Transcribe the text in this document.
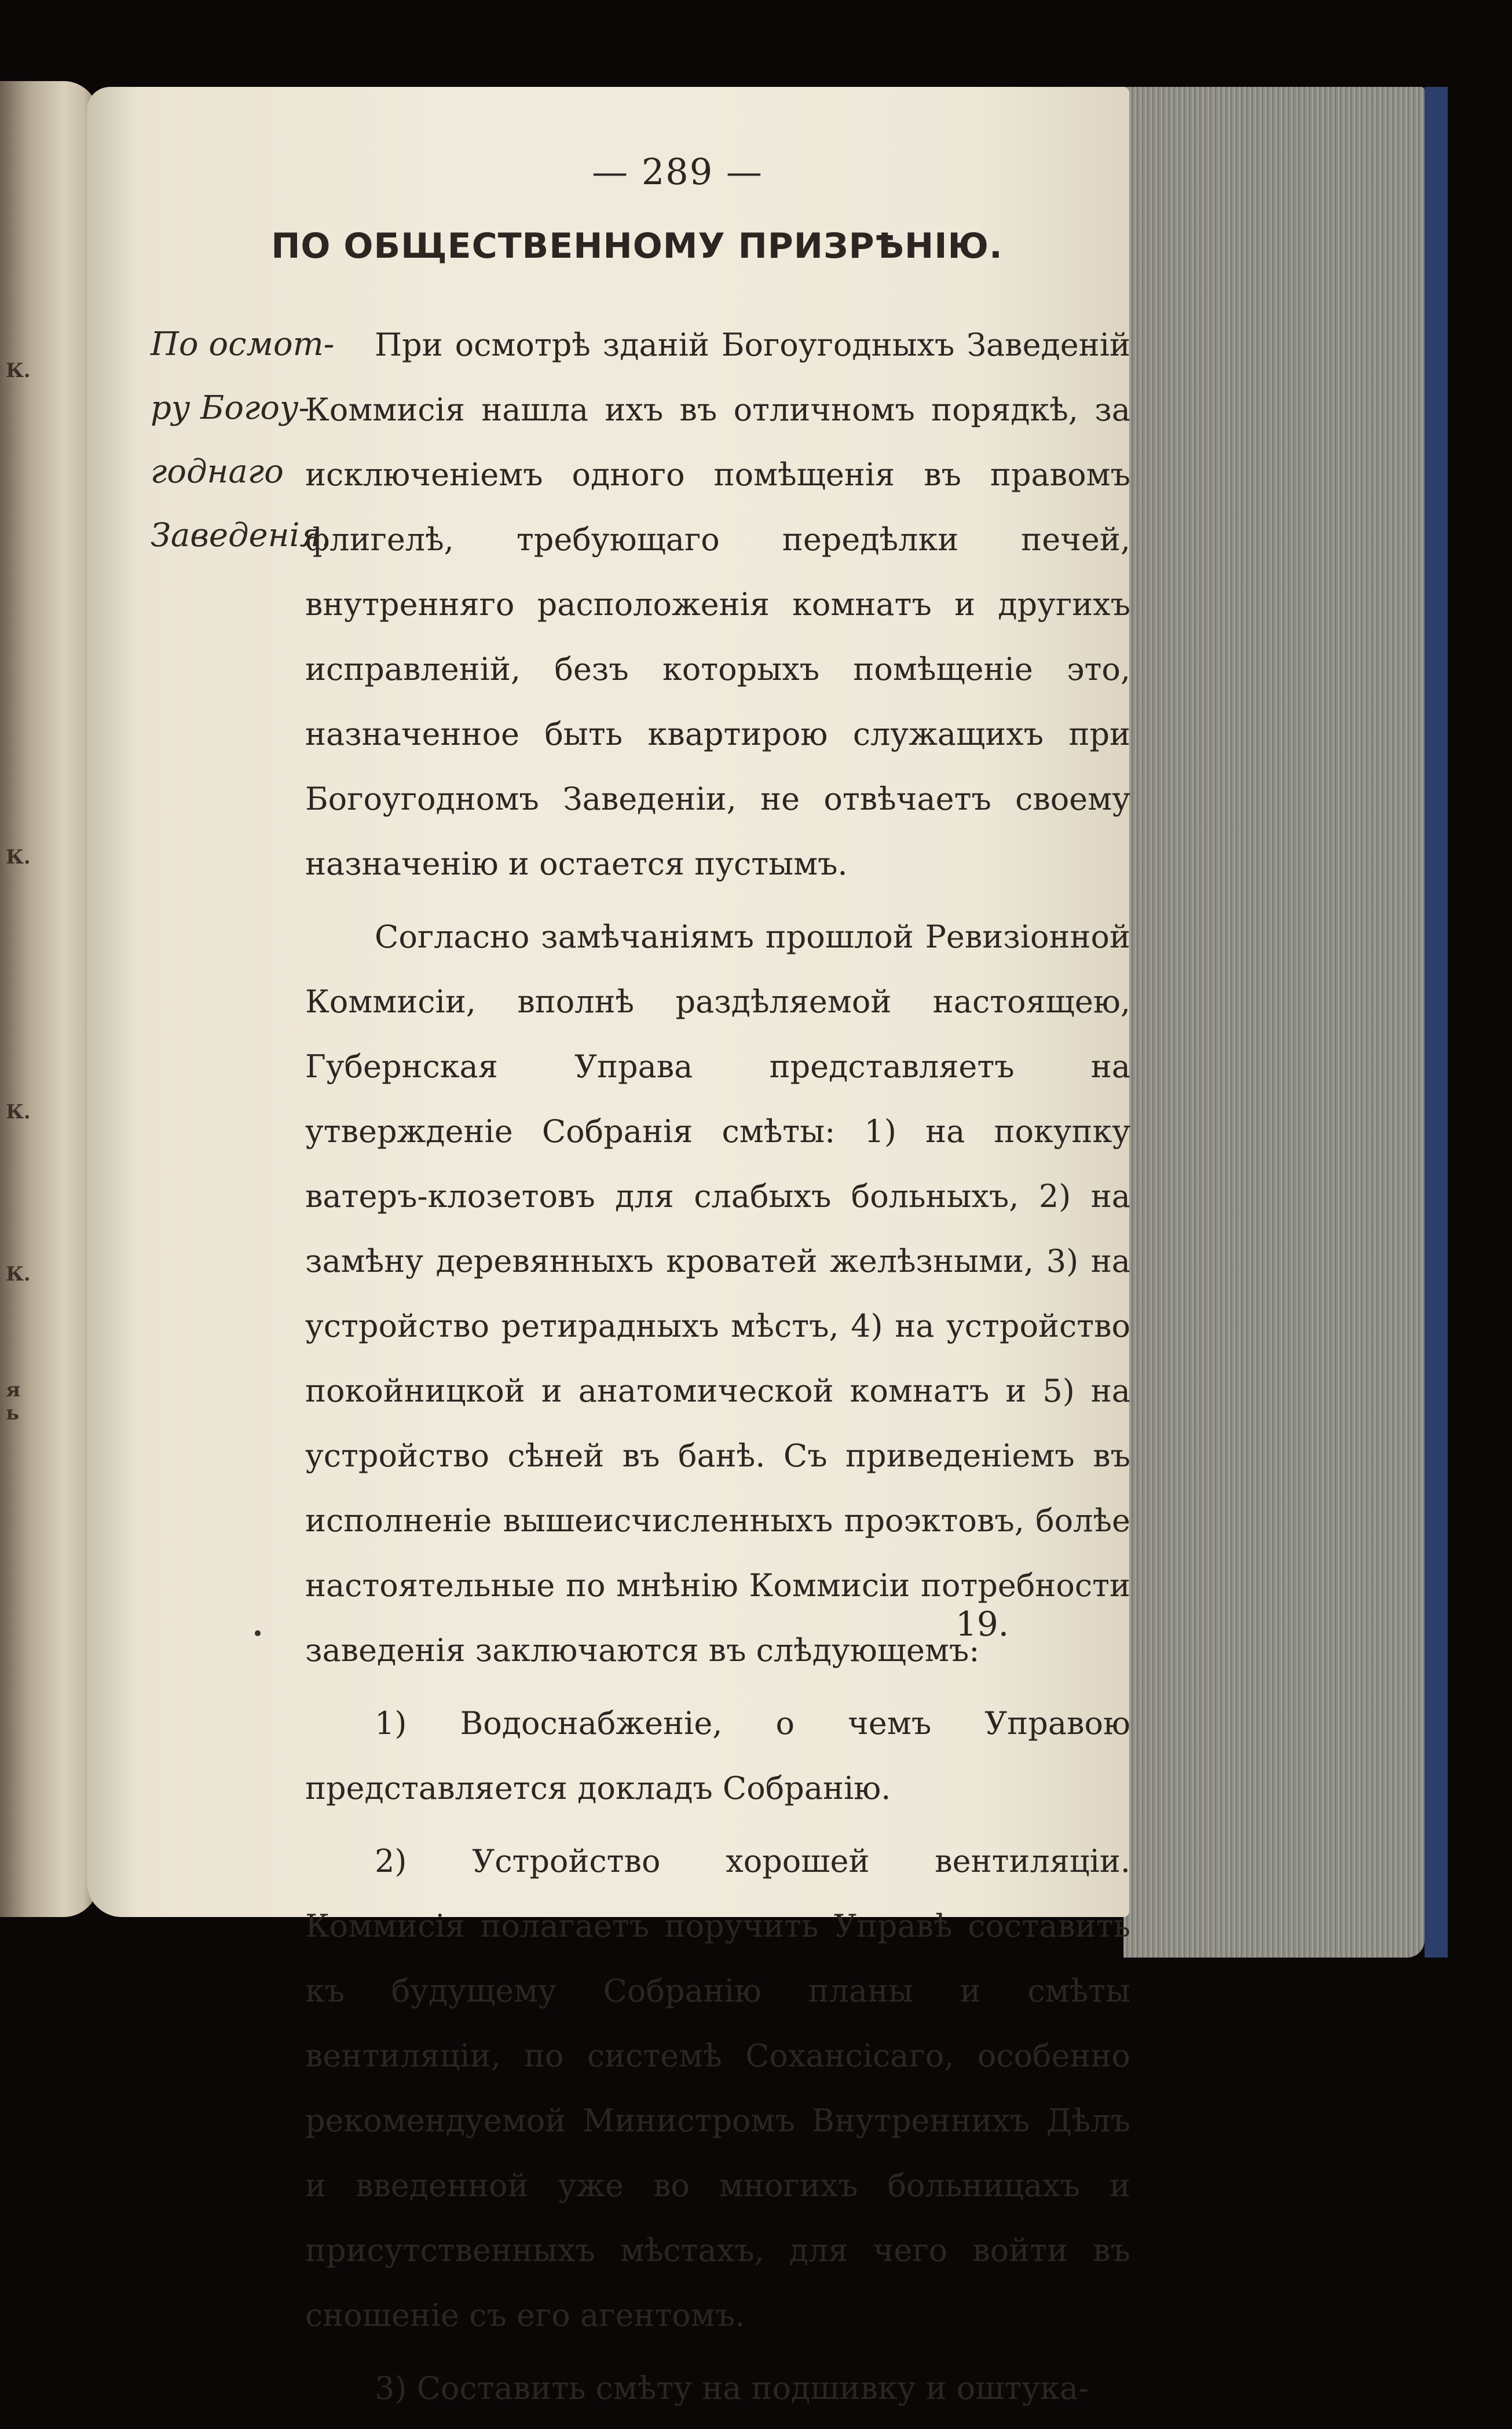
К.
К.
К.
К.
я
ь
— 289 —
ПО ОБЩЕСТВЕННОМУ ПРИЗРѢНІЮ.
По осмот-
ру Богоу-
годнаго
Заведенія.

При осмотрѣ зданій Богоугодныхъ Заведеній Коммисія нашла ихъ въ отличномъ порядкѣ, за исключеніемъ одного помѣщенія въ правомъ флигелѣ, требующаго передѣлки печей, внутренняго расположенія комнатъ и другихъ исправленій, безъ которыхъ помѣщеніе это, назначенное быть квартирою служащихъ при Богоугодномъ Заведеніи, не отвѣчаетъ своему назначенію и остается пустымъ.

Согласно замѣчаніямъ прошлой Ревизіонной Коммисіи, вполнѣ раздѣляемой настоящею, Губернская Управа представляетъ на утвержденіе Собранія смѣты: 1) на покупку ватеръ-клозетовъ для слабыхъ больныхъ, 2) на замѣну деревянныхъ кроватей желѣзными, 3) на устройство ретирадныхъ мѣстъ, 4) на устройство покойницкой и анатомической комнатъ и 5) на устройство сѣней въ банѣ. Съ приведеніемъ въ исполненіе вышеисчисленныхъ проэктовъ, болѣе настоятельные по мнѣнію Коммисіи потребности заведенія заключаются въ слѣдующемъ:

1) Водоснабженіе, о чемъ Управою представляется докладъ Собранію.

2) Устройство хорошей вентиляціи. Коммисія полагаетъ поручить Управѣ составить къ будущему Собранію планы и смѣты вентиляціи, по системѣ Сохансісаго, особенно рекомендуемой Министромъ Внутреннихъ Дѣлъ и введенной уже во многихъ больницахъ и присутственныхъ мѣстахъ, для чего войти въ сношеніе съ его агентомъ.

3) Составить смѣту на подшивку и оштука-

19.
